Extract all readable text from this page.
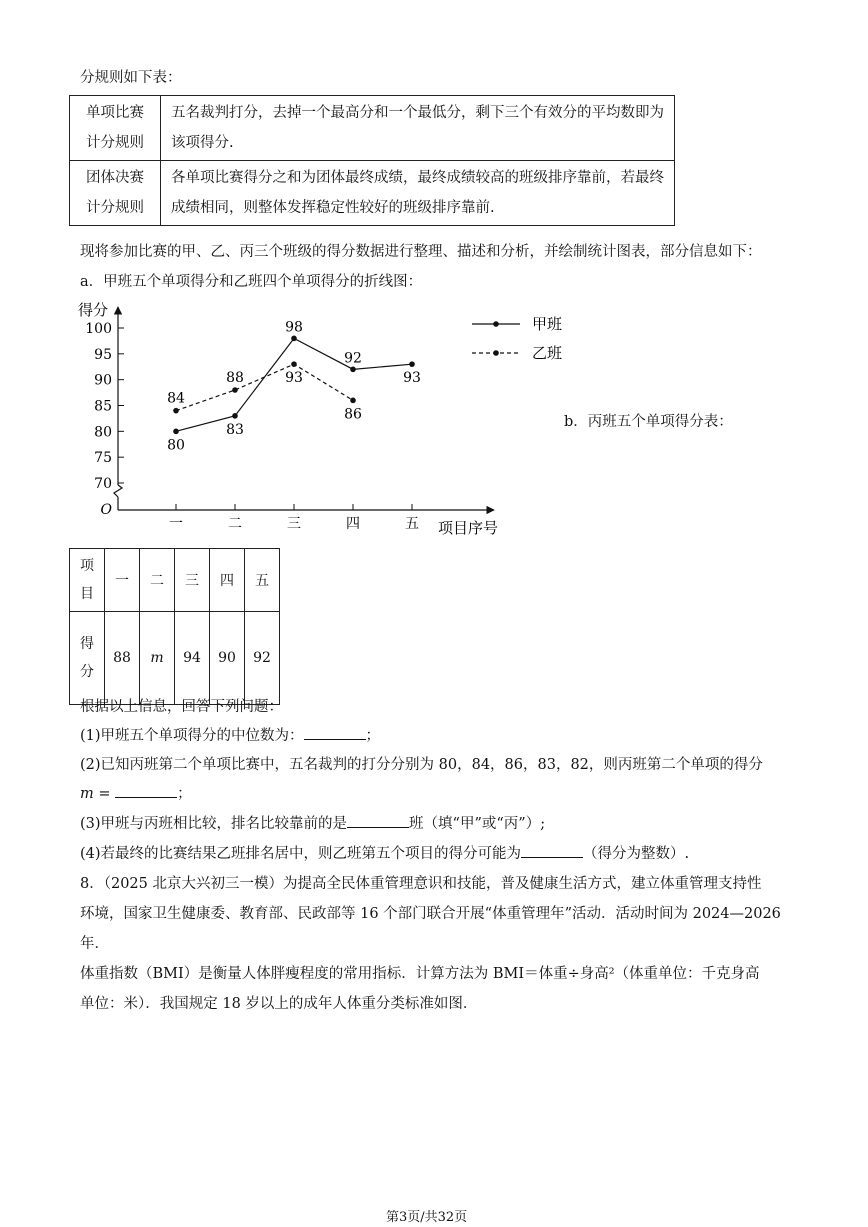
分规则如下表：
单项比赛
计分规则	五名裁判打分，去掉一个最高分和一个最低分，剩下三个有效分的平均数即为该项得分.

团体决赛
计分规则	各单项比赛得分之和为团体最终成绩，最终成绩较高的班级排序靠前，若最终成绩相同，则整体发挥稳定性较好的班级排序靠前.
现将参加比赛的甲、乙、丙三个班级的得分数据进行整理、描述和分析，并绘制统计图表，部分信息如下：
a．甲班五个单项得分和乙班四个单项得分的折线图：
O
得分
项目序号
70
75
80
85
90
95
100
一	二	三	四	五
80
83
98
92
93
84
88	93
86
甲班
乙班
b．丙班五个单项得分表：
项
目	一	二	三	四	五

得
分	88	m	94	90	92
根据以上信息，回答下列问题：
(1)甲班五个单项得分的中位数为：	；
(2)已知丙班第二个单项比赛中，五名裁判的打分分别为 80，84，86，83，82，则丙班第二个单项的得分
m =	；
(3)甲班与丙班相比较，排名比较靠前的是	班（填“甲”或“丙”）;
(4)若最终的比赛结果乙班排名居中，则乙班第五个项目的得分可能为	（得分为整数）.
8．（2025 北京大兴初三一模）为提高全民体重管理意识和技能，普及健康生活方式，建立体重管理支持性
环境，国家卫生健康委、教育部、民政部等 16 个部门联合开展“体重管理年”活动．活动时间为 2024—2026
年．
体重指数（BMI）是衡量人体胖瘦程度的常用指标．计算方法为 BMI＝体重÷身高²（体重单位：千克身高
单位：米）．我国规定 18 岁以上的成年人体重分类标准如图．
第3页/共32页
